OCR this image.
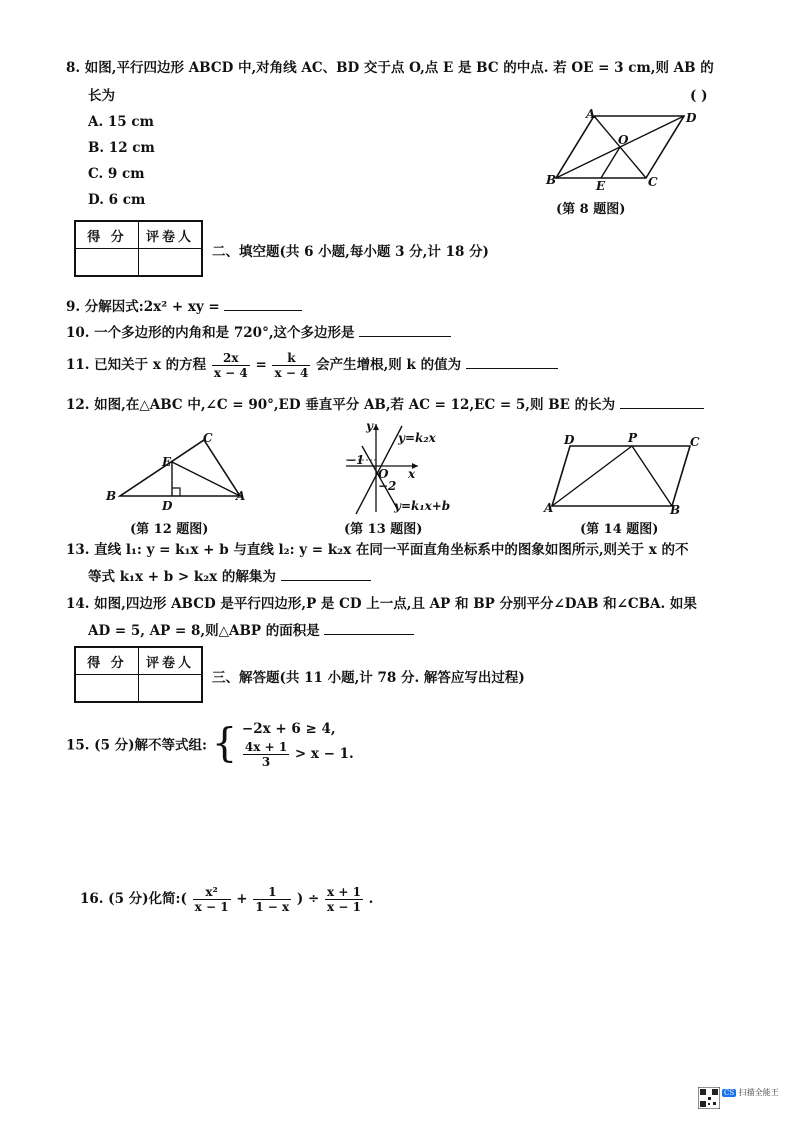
8. 如图,平行四边形 ABCD 中,对角线 AC、BD 交于点 O,点 E 是 BC 的中点. 若 OE = 3 cm,则 AB 的
长为	( )
A. 15 cm
B. 12 cm
C. 9 cm
D. 6 cm
A	D
O
B	E	C
(第 8 题图)
得 分	评卷人

二、填空题(共 6 小题,每小题 3 分,计 18 分)
9. 分解因式:2x² + xy =
10. 一个多边形的内角和是 720°,这个多边形是
11. 已知关于 x 的方程 $\frac{2x}{x - 4} = \frac{k}{x - 4}$ 会产生增根,则 k 的值为
12. 如图,在△ABC 中,∠C = 90°,ED 垂直平分 AB,若 AC = 12,EC = 5,则 BE 的长为
C
E
B
D
A
(第 12 题图)
y
x
O
−1
−2
y=k₂x
y=k₁x+b
(第 13 题图)
D	P	C
A	B
(第 14 题图)
13. 直线 l₁: y = k₁x + b 与直线 l₂: y = k₂x 在同一平面直角坐标系中的图象如图所示,则关于 x 的不
等式 k₁x + b > k₂x 的解集为
14. 如图,四边形 ABCD 是平行四边形,P 是 CD 上一点,且 AP 和 BP 分别平分∠DAB 和∠CBA. 如果
AD = 5, AP = 8,则△ABP 的面积是
得 分	评卷人

三、解答题(共 11 小题,计 78 分. 解答应写出过程)
15. (5 分)解不等式组: { −2x + 6 ≥ 4,
$\frac{4x + 1}{3} > x - 1$.
16. (5 分)化简:( $\frac{\text{x²}}{x - 1} + \frac{1}{1 - x}$ ) ÷ $\frac{x + 1}{x - 1}$ .
CS 扫描全能王
